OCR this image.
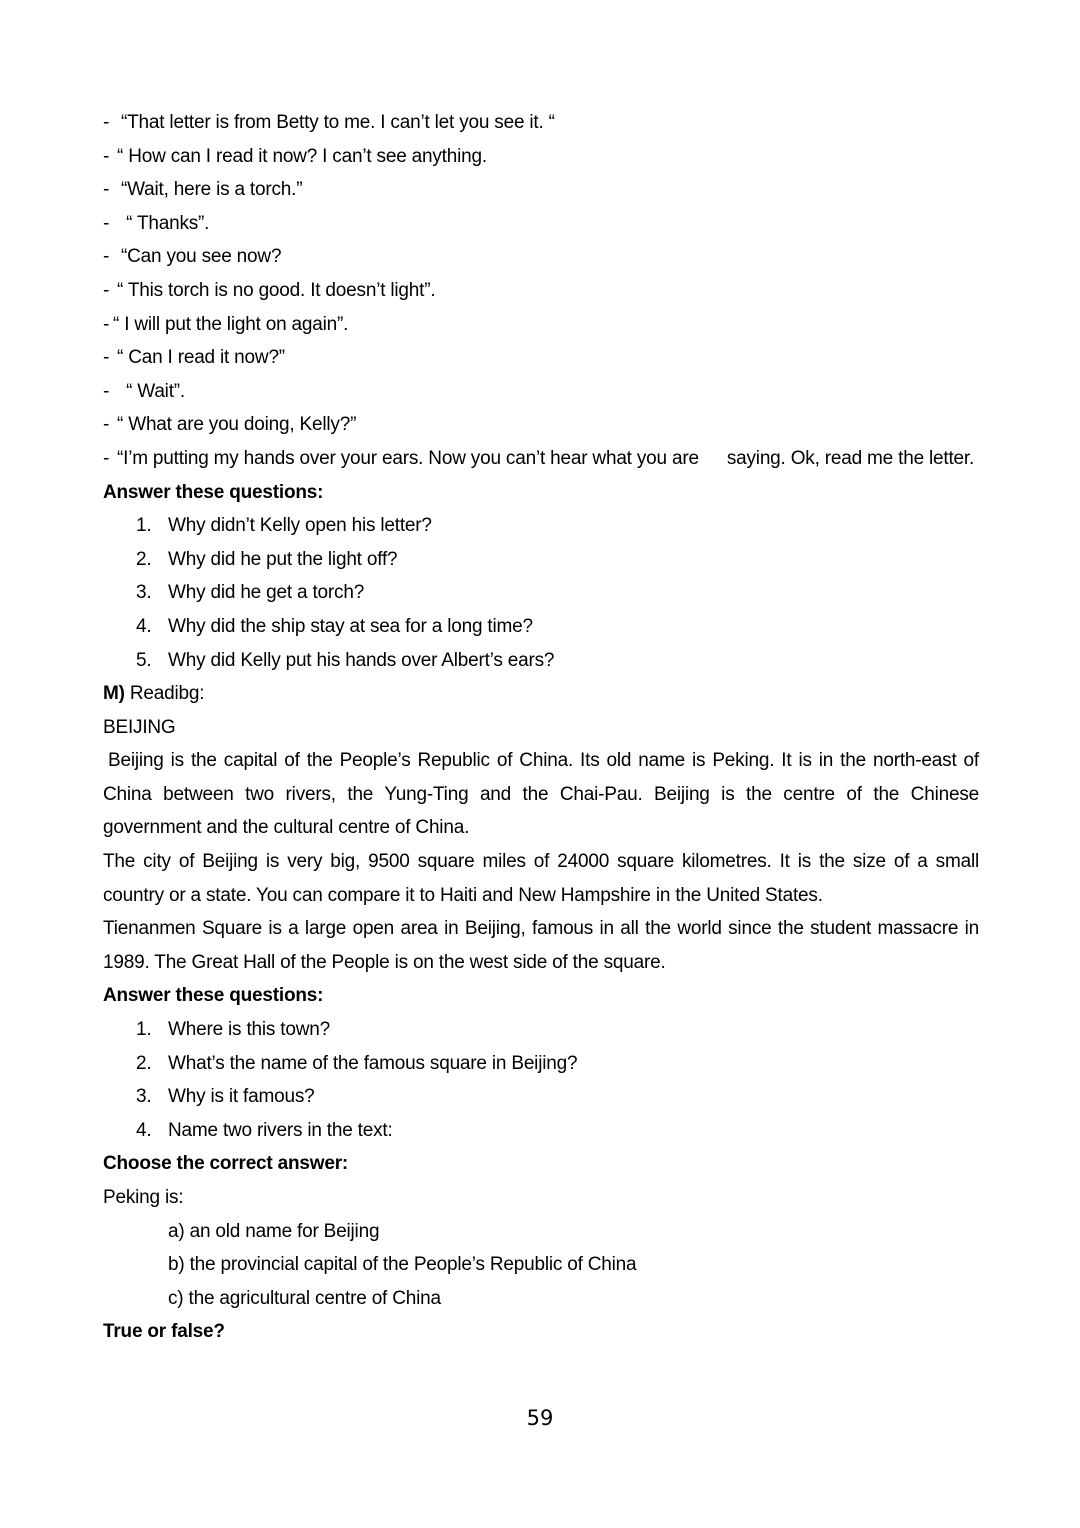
- “That letter is from Betty to me. I can’t let you see it. “
- “ How can I read it now? I can’t see anything.
- “Wait, here is a torch.”
- “ Thanks”.
- “Can you see now?
- “ This torch is no good. It doesn’t light”.
- “ I will put the light on again”.
- “ Can I read it now?”
- “ Wait”.
- “ What are you doing, Kelly?”
- “I’m putting my hands over your ears. Now you can’t hear what you are saying. Ok, read me the letter.
Answer these questions:
1. Why didn’t Kelly open his letter?
2. Why did he put the light off?
3. Why did he get a torch?
4. Why did the ship stay at sea for a long time?
5. Why did Kelly put his hands over Albert’s ears?
M) Readibg:
BEIJING
Beijing is the capital of the People’s Republic of China. Its old name is Peking. It is in the north-east of China between two rivers, the Yung-Ting and the Chai-Pau. Beijing is the centre of the Chinese government and the cultural centre of China.
The city of Beijing is very big, 9500 square miles of 24000 square kilometres. It is the size of a small country or a state. You can compare it to Haiti and New Hampshire in the United States.
Tienanmen Square is a large open area in Beijing, famous in all the world since the student massacre in 1989. The Great Hall of the People is on the west side of the square.
Answer these questions:
1. Where is this town?
2. What’s the name of the famous square in Beijing?
3. Why is it famous?
4. Name two rivers in the text:
Choose the correct answer:
Peking is:
a) an old name for Beijing
b) the provincial capital of the People’s Republic of China
c) the agricultural centre of China
True or false?
59
